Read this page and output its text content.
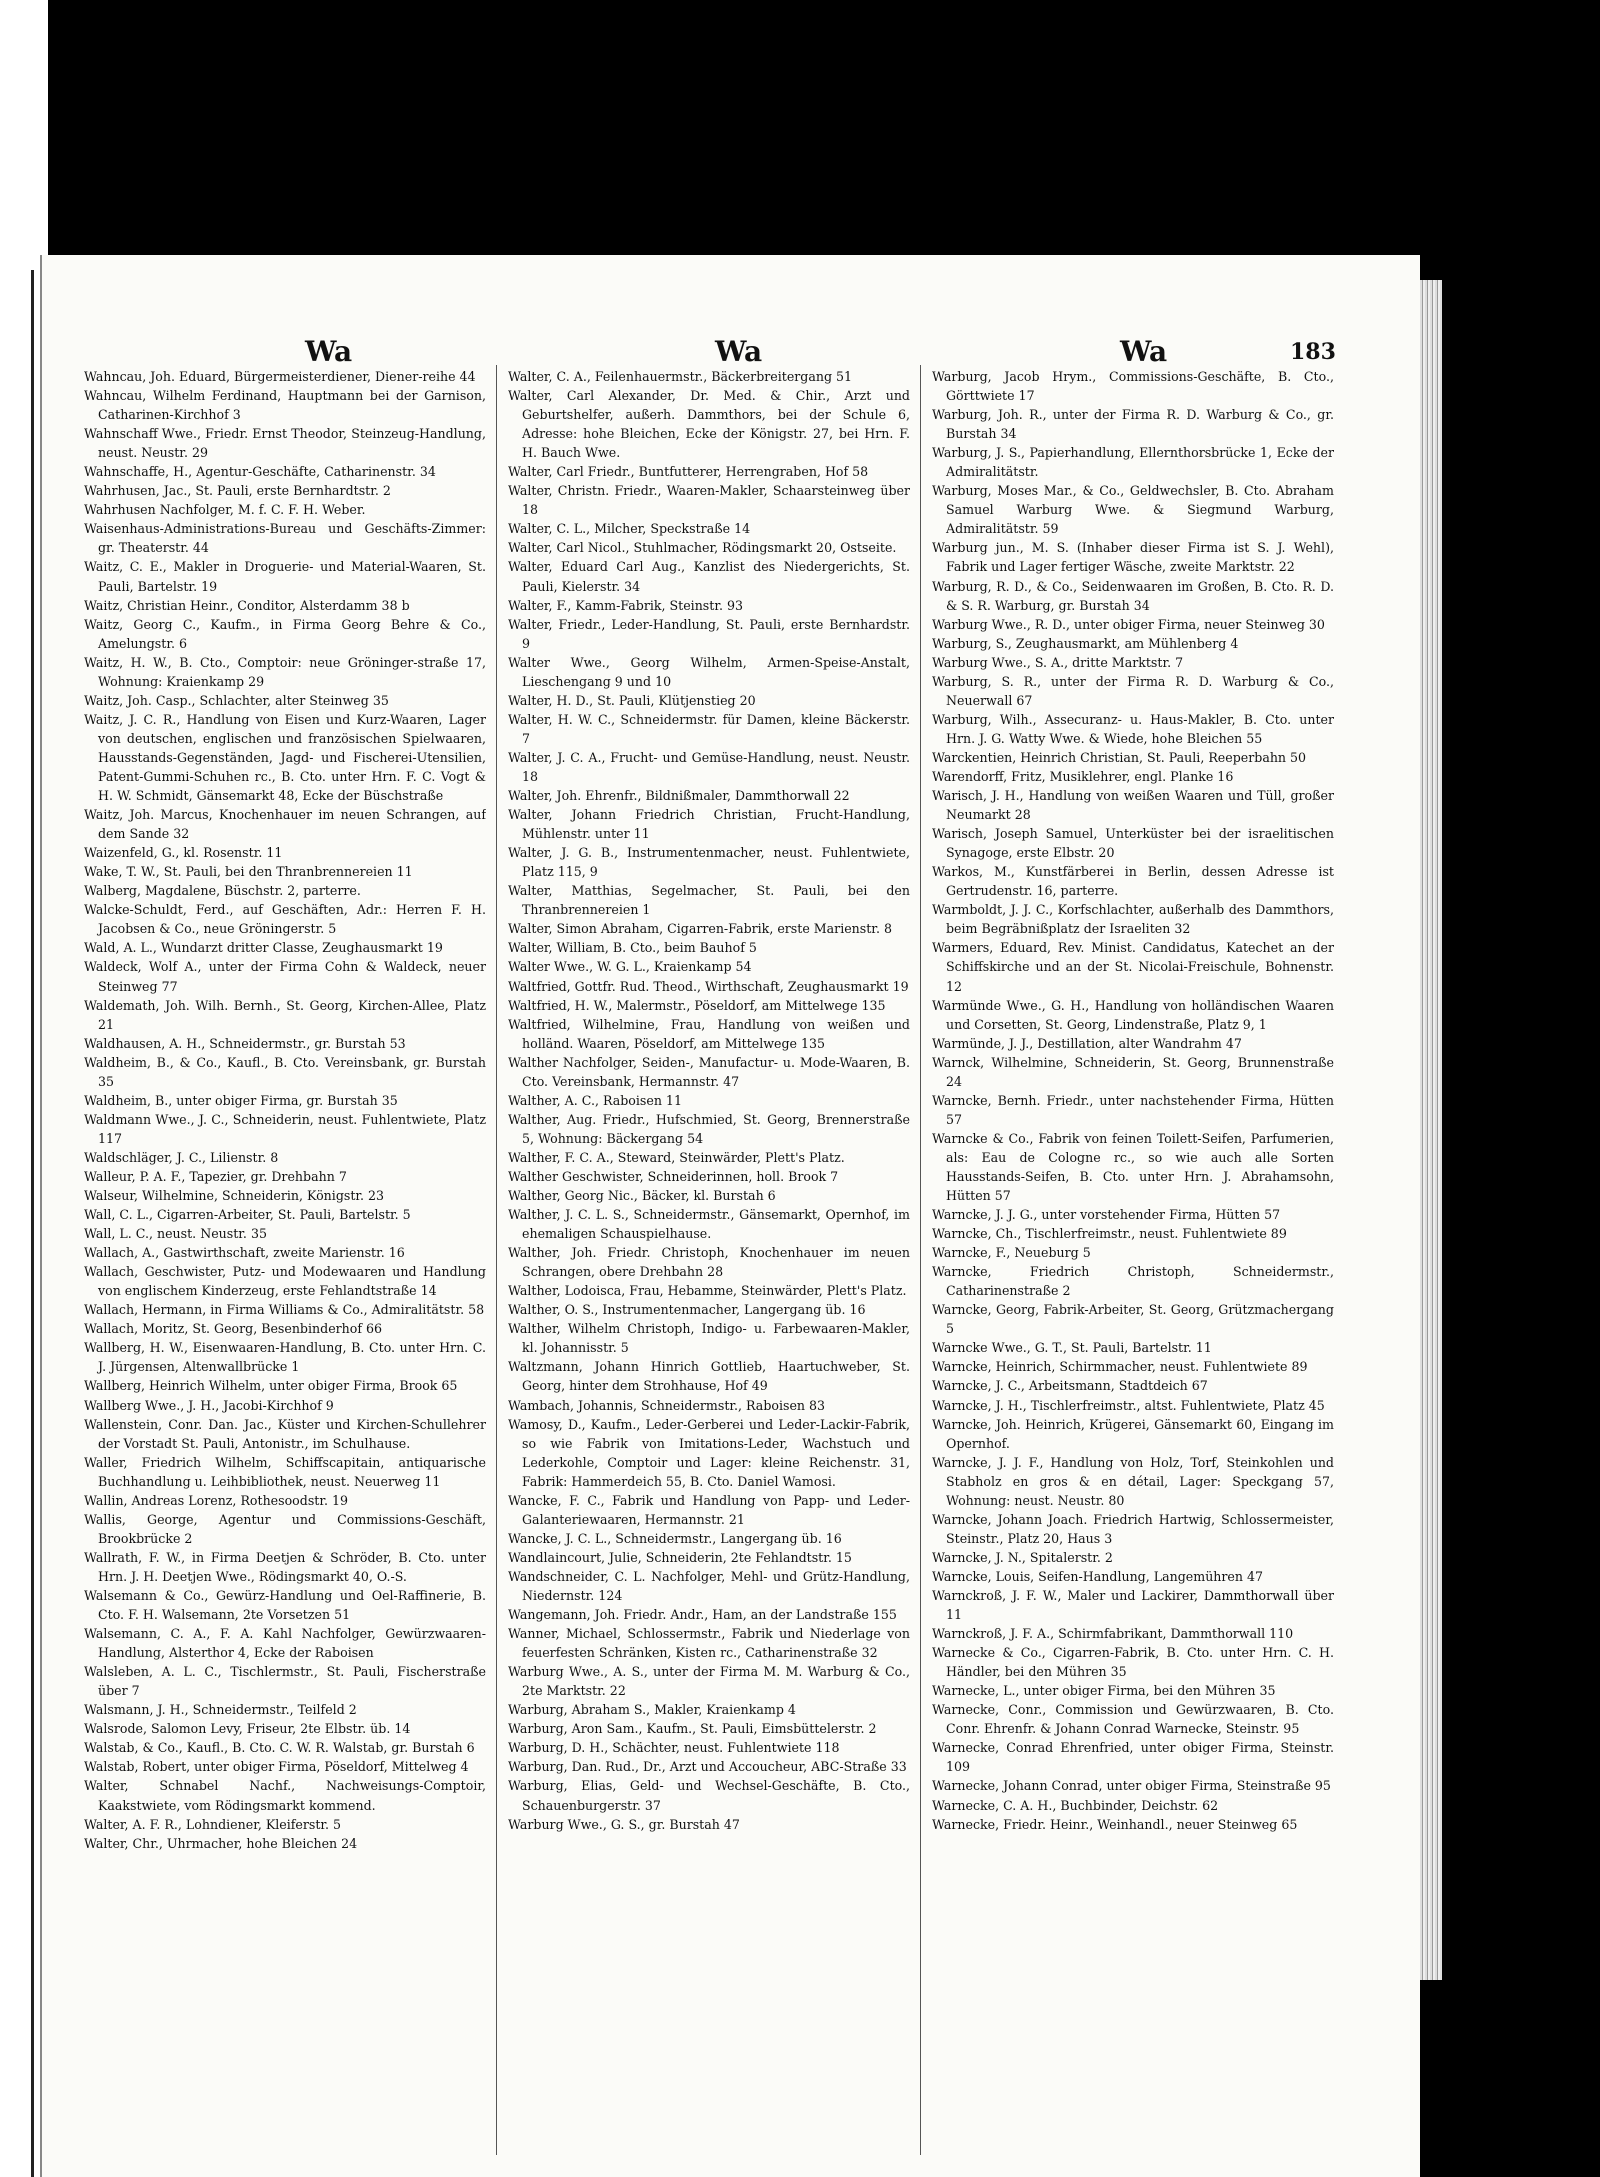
Wa	Wa	Wa	183

Wahncau, Joh. Eduard, Bürgermeisterdiener, Diener-reihe 44

Wahncau, Wilhelm Ferdinand, Hauptmann bei der Garnison, Catharinen-Kirchhof 3

Wahnschaff Wwe., Friedr. Ernst Theodor, Steinzeug-Handlung, neust. Neustr. 29

Wahnschaffe, H., Agentur-Geschäfte, Catharinenstr. 34

Wahrhusen, Jac., St. Pauli, erste Bernhardtstr. 2

Wahrhusen Nachfolger, M. f. C. F. H. Weber.

Waisenhaus-Administrations-Bureau und Geschäfts-Zimmer: gr. Theaterstr. 44

Waitz, C. E., Makler in Droguerie- und Material-Waaren, St. Pauli, Bartelstr. 19

Waitz, Christian Heinr., Conditor, Alsterdamm 38 b

Waitz, Georg C., Kaufm., in Firma Georg Behre & Co., Amelungstr. 6

Waitz, H. W., B. Cto., Comptoir: neue Gröninger-straße 17, Wohnung: Kraienkamp 29

Waitz, Joh. Casp., Schlachter, alter Steinweg 35

Waitz, J. C. R., Handlung von Eisen und Kurz-Waaren, Lager von deutschen, englischen und französischen Spielwaaren, Hausstands-Gegenständen, Jagd- und Fischerei-Utensilien, Patent-Gummi-Schuhen rc., B. Cto. unter Hrn. F. C. Vogt & H. W. Schmidt, Gänsemarkt 48, Ecke der Büschstraße

Waitz, Joh. Marcus, Knochenhauer im neuen Schrangen, auf dem Sande 32

Waizenfeld, G., kl. Rosenstr. 11

Wake, T. W., St. Pauli, bei den Thranbrennereien 11

Walberg, Magdalene, Büschstr. 2, parterre.

Walcke-Schuldt, Ferd., auf Geschäften, Adr.: Herren F. H. Jacobsen & Co., neue Gröningerstr. 5

Wald, A. L., Wundarzt dritter Classe, Zeughausmarkt 19

Waldeck, Wolf A., unter der Firma Cohn & Waldeck, neuer Steinweg 77

Waldemath, Joh. Wilh. Bernh., St. Georg, Kirchen-Allee, Platz 21

Waldhausen, A. H., Schneidermstr., gr. Burstah 53

Waldheim, B., & Co., Kaufl., B. Cto. Vereinsbank, gr. Burstah 35

Waldheim, B., unter obiger Firma, gr. Burstah 35

Waldmann Wwe., J. C., Schneiderin, neust. Fuhlentwiete, Platz 117

Waldschläger, J. C., Lilienstr. 8

Walleur, P. A. F., Tapezier, gr. Drehbahn 7

Walseur, Wilhelmine, Schneiderin, Königstr. 23

Wall, C. L., Cigarren-Arbeiter, St. Pauli, Bartelstr. 5

Wall, L. C., neust. Neustr. 35

Wallach, A., Gastwirthschaft, zweite Marienstr. 16

Wallach, Geschwister, Putz- und Modewaaren und Handlung von englischem Kinderzeug, erste Fehlandtstraße 14

Wallach, Hermann, in Firma Williams & Co., Admiralitätstr. 58

Wallach, Moritz, St. Georg, Besenbinderhof 66

Wallberg, H. W., Eisenwaaren-Handlung, B. Cto. unter Hrn. C. J. Jürgensen, Altenwallbrücke 1

Wallberg, Heinrich Wilhelm, unter obiger Firma, Brook 65

Wallberg Wwe., J. H., Jacobi-Kirchhof 9

Wallenstein, Conr. Dan. Jac., Küster und Kirchen-Schullehrer der Vorstadt St. Pauli, Antonistr., im Schulhause.

Waller, Friedrich Wilhelm, Schiffscapitain, antiquarische Buchhandlung u. Leihbibliothek, neust. Neuerweg 11

Wallin, Andreas Lorenz, Rothesoodstr. 19

Wallis, George, Agentur und Commissions-Geschäft, Brookbrücke 2

Wallrath, F. W., in Firma Deetjen & Schröder, B. Cto. unter Hrn. J. H. Deetjen Wwe., Rödingsmarkt 40, O.-S.

Walsemann & Co., Gewürz-Handlung und Oel-Raffinerie, B. Cto. F. H. Walsemann, 2te Vorsetzen 51

Walsemann, C. A., F. A. Kahl Nachfolger, Gewürzwaaren-Handlung, Alsterthor 4, Ecke der Raboisen

Walsleben, A. L. C., Tischlermstr., St. Pauli, Fischerstraße über 7

Walsmann, J. H., Schneidermstr., Teilfeld 2

Walsrode, Salomon Levy, Friseur, 2te Elbstr. üb. 14

Walstab, & Co., Kaufl., B. Cto. C. W. R. Walstab, gr. Burstah 6

Walstab, Robert, unter obiger Firma, Pöseldorf, Mittelweg 4

Walter, Schnabel Nachf., Nachweisungs-Comptoir, Kaakstwiete, vom Rödingsmarkt kommend.

Walter, A. F. R., Lohndiener, Kleiferstr. 5

Walter, Chr., Uhrmacher, hohe Bleichen 24

Walter, C. A., Feilenhauermstr., Bäckerbreitergang 51

Walter, Carl Alexander, Dr. Med. & Chir., Arzt und Geburtshelfer, außerh. Dammthors, bei der Schule 6, Adresse: hohe Bleichen, Ecke der Königstr. 27, bei Hrn. F. H. Bauch Wwe.

Walter, Carl Friedr., Buntfutterer, Herrengraben, Hof 58

Walter, Christn. Friedr., Waaren-Makler, Schaarsteinweg über 18

Walter, C. L., Milcher, Speckstraße 14

Walter, Carl Nicol., Stuhlmacher, Rödingsmarkt 20, Ostseite.

Walter, Eduard Carl Aug., Kanzlist des Niedergerichts, St. Pauli, Kielerstr. 34

Walter, F., Kamm-Fabrik, Steinstr. 93

Walter, Friedr., Leder-Handlung, St. Pauli, erste Bernhardstr. 9

Walter Wwe., Georg Wilhelm, Armen-Speise-Anstalt, Lieschengang 9 und 10

Walter, H. D., St. Pauli, Klütjenstieg 20

Walter, H. W. C., Schneidermstr. für Damen, kleine Bäckerstr. 7

Walter, J. C. A., Frucht- und Gemüse-Handlung, neust. Neustr. 18

Walter, Joh. Ehrenfr., Bildnißmaler, Dammthorwall 22

Walter, Johann Friedrich Christian, Frucht-Handlung, Mühlenstr. unter 11

Walter, J. G. B., Instrumentenmacher, neust. Fuhlentwiete, Platz 115, 9

Walter, Matthias, Segelmacher, St. Pauli, bei den Thranbrennereien 1

Walter, Simon Abraham, Cigarren-Fabrik, erste Marienstr. 8

Walter, William, B. Cto., beim Bauhof 5

Walter Wwe., W. G. L., Kraienkamp 54

Waltfried, Gottfr. Rud. Theod., Wirthschaft, Zeughausmarkt 19

Waltfried, H. W., Malermstr., Pöseldorf, am Mittelwege 135

Waltfried, Wilhelmine, Frau, Handlung von weißen und holländ. Waaren, Pöseldorf, am Mittelwege 135

Walther Nachfolger, Seiden-, Manufactur- u. Mode-Waaren, B. Cto. Vereinsbank, Hermannstr. 47

Walther, A. C., Raboisen 11

Walther, Aug. Friedr., Hufschmied, St. Georg, Brennerstraße 5, Wohnung: Bäckergang 54

Walther, F. C. A., Steward, Steinwärder, Plett's Platz.

Walther Geschwister, Schneiderinnen, holl. Brook 7

Walther, Georg Nic., Bäcker, kl. Burstah 6

Walther, J. C. L. S., Schneidermstr., Gänsemarkt, Opernhof, im ehemaligen Schauspielhause.

Walther, Joh. Friedr. Christoph, Knochenhauer im neuen Schrangen, obere Drehbahn 28

Walther, Lodoisca, Frau, Hebamme, Steinwärder, Plett's Platz.

Walther, O. S., Instrumentenmacher, Langergang üb. 16

Walther, Wilhelm Christoph, Indigo- u. Farbewaaren-Makler, kl. Johannisstr. 5

Waltzmann, Johann Hinrich Gottlieb, Haartuchweber, St. Georg, hinter dem Strohhause, Hof 49

Wambach, Johannis, Schneidermstr., Raboisen 83

Wamosy, D., Kaufm., Leder-Gerberei und Leder-Lackir-Fabrik, so wie Fabrik von Imitations-Leder, Wachstuch und Lederkohle, Comptoir und Lager: kleine Reichenstr. 31, Fabrik: Hammerdeich 55, B. Cto. Daniel Wamosi.

Wancke, F. C., Fabrik und Handlung von Papp- und Leder-Galanteriewaaren, Hermannstr. 21

Wancke, J. C. L., Schneidermstr., Langergang üb. 16

Wandlaincourt, Julie, Schneiderin, 2te Fehlandtstr. 15

Wandschneider, C. L. Nachfolger, Mehl- und Grütz-Handlung, Niedernstr. 124

Wangemann, Joh. Friedr. Andr., Ham, an der Landstraße 155

Wanner, Michael, Schlossermstr., Fabrik und Niederlage von feuerfesten Schränken, Kisten rc., Catharinenstraße 32

Warburg Wwe., A. S., unter der Firma M. M. Warburg & Co., 2te Marktstr. 22

Warburg, Abraham S., Makler, Kraienkamp 4

Warburg, Aron Sam., Kaufm., St. Pauli, Eimsbüttelerstr. 2

Warburg, D. H., Schächter, neust. Fuhlentwiete 118

Warburg, Dan. Rud., Dr., Arzt und Accoucheur, ABC-Straße 33

Warburg, Elias, Geld- und Wechsel-Geschäfte, B. Cto., Schauenburgerstr. 37

Warburg Wwe., G. S., gr. Burstah 47

Warburg, Jacob Hrym., Commissions-Geschäfte, B. Cto., Görttwiete 17

Warburg, Joh. R., unter der Firma R. D. Warburg & Co., gr. Burstah 34

Warburg, J. S., Papierhandlung, Ellernthorsbrücke 1, Ecke der Admiralitätstr.

Warburg, Moses Mar., & Co., Geldwechsler, B. Cto. Abraham Samuel Warburg Wwe. & Siegmund Warburg, Admiralitätstr. 59

Warburg jun., M. S. (Inhaber dieser Firma ist S. J. Wehl), Fabrik und Lager fertiger Wäsche, zweite Marktstr. 22

Warburg, R. D., & Co., Seidenwaaren im Großen, B. Cto. R. D. & S. R. Warburg, gr. Burstah 34

Warburg Wwe., R. D., unter obiger Firma, neuer Steinweg 30

Warburg, S., Zeughausmarkt, am Mühlenberg 4

Warburg Wwe., S. A., dritte Marktstr. 7

Warburg, S. R., unter der Firma R. D. Warburg & Co., Neuerwall 67

Warburg, Wilh., Assecuranz- u. Haus-Makler, B. Cto. unter Hrn. J. G. Watty Wwe. & Wiede, hohe Bleichen 55

Warckentien, Heinrich Christian, St. Pauli, Reeperbahn 50

Warendorff, Fritz, Musiklehrer, engl. Planke 16

Warisch, J. H., Handlung von weißen Waaren und Tüll, großer Neumarkt 28

Warisch, Joseph Samuel, Unterküster bei der israelitischen Synagoge, erste Elbstr. 20

Warkos, M., Kunstfärberei in Berlin, dessen Adresse ist Gertrudenstr. 16, parterre.

Warmboldt, J. J. C., Korfschlachter, außerhalb des Dammthors, beim Begräbnißplatz der Israeliten 32

Warmers, Eduard, Rev. Minist. Candidatus, Katechet an der Schiffskirche und an der St. Nicolai-Freischule, Bohnenstr. 12

Warmünde Wwe., G. H., Handlung von holländischen Waaren und Corsetten, St. Georg, Lindenstraße, Platz 9, 1

Warmünde, J. J., Destillation, alter Wandrahm 47

Warnck, Wilhelmine, Schneiderin, St. Georg, Brunnenstraße 24

Warncke, Bernh. Friedr., unter nachstehender Firma, Hütten 57

Warncke & Co., Fabrik von feinen Toilett-Seifen, Parfumerien, als: Eau de Cologne rc., so wie auch alle Sorten Hausstands-Seifen, B. Cto. unter Hrn. J. Abrahamsohn, Hütten 57

Warncke, J. J. G., unter vorstehender Firma, Hütten 57

Warncke, Ch., Tischlerfreimstr., neust. Fuhlentwiete 89

Warncke, F., Neueburg 5

Warncke, Friedrich Christoph, Schneidermstr., Catharinenstraße 2

Warncke, Georg, Fabrik-Arbeiter, St. Georg, Grützmachergang 5

Warncke Wwe., G. T., St. Pauli, Bartelstr. 11

Warncke, Heinrich, Schirmmacher, neust. Fuhlentwiete 89

Warncke, J. C., Arbeitsmann, Stadtdeich 67

Warncke, J. H., Tischlerfreimstr., altst. Fuhlentwiete, Platz 45

Warncke, Joh. Heinrich, Krügerei, Gänsemarkt 60, Eingang im Opernhof.

Warncke, J. J. F., Handlung von Holz, Torf, Steinkohlen und Stabholz en gros & en détail, Lager: Speckgang 57, Wohnung: neust. Neustr. 80

Warncke, Johann Joach. Friedrich Hartwig, Schlossermeister, Steinstr., Platz 20, Haus 3

Warncke, J. N., Spitalerstr. 2

Warncke, Louis, Seifen-Handlung, Langemühren 47

Warnckroß, J. F. W., Maler und Lackirer, Dammthorwall über 11

Warnckroß, J. F. A., Schirmfabrikant, Dammthorwall 110

Warnecke & Co., Cigarren-Fabrik, B. Cto. unter Hrn. C. H. Händler, bei den Mühren 35

Warnecke, L., unter obiger Firma, bei den Mühren 35

Warnecke, Conr., Commission und Gewürzwaaren, B. Cto. Conr. Ehrenfr. & Johann Conrad Warnecke, Steinstr. 95

Warnecke, Conrad Ehrenfried, unter obiger Firma, Steinstr. 109

Warnecke, Johann Conrad, unter obiger Firma, Steinstraße 95

Warnecke, C. A. H., Buchbinder, Deichstr. 62

Warnecke, Friedr. Heinr., Weinhandl., neuer Steinweg 65
